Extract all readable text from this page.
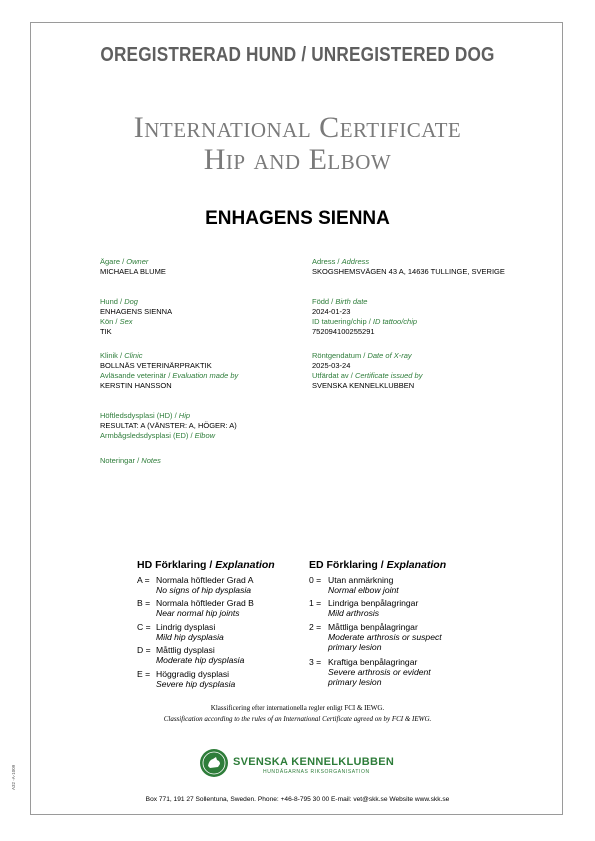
OREGISTRERAD HUND / UNREGISTERED DOG
International Certificate
Hip and Elbow
ENHAGENS SIENNA
Ägare / Owner
MICHAELA BLUME
Hund / Dog
ENHAGENS SIENNA
Kön / Sex
TIK
Klinik / Clinic
BOLLNÄS VETERINÄRPRAKTIK
Avläsande veterinär / Evaluation made by
KERSTIN HANSSON
Höftledsdysplasi (HD) / Hip
RESULTAT: A (VÄNSTER: A, HÖGER: A)
Armbågsledsdysplasi (ED) / Elbow
Noteringar / Notes
Adress / Address
SKOGSHEMSVÄGEN 43 A, 14636 TULLINGE, SVERIGE
Född / Birth date
2024-01-23
ID tatuering/chip / ID tattoo/chip
752094100255291
Röntgendatum / Date of X-ray
2025-03-24
Utfärdat av / Certificate issued by
SVENSKA KENNELKLUBBEN
HD Förklaring / Explanation
A = Normala höftleder Grad A
No signs of hip dysplasia
B = Normala höftleder Grad B
Near normal hip joints
C = Lindrig dysplasi
Mild hip dysplasia
D = Måttlig dysplasi
Moderate hip dysplasia
E = Höggradig dysplasi
Severe hip dysplasia
ED Förklaring / Explanation
0 = Utan anmärkning
Normal elbow joint
1 = Lindriga benpålagringar
Mild arthrosis
2 = Måttliga benpålagringar
Moderate arthrosis or suspect
primary lesion
3 = Kraftiga benpålagringar
Severe arthrosis or evident
primary lesion
Klassificering efter internationella regler enligt FCI & IEWG.
Classification according to the rules of an International Certificate agreed on by FCI & IEWG.
SVENSKA KENNELKLUBBEN
HUNDÄGARNAS RIKSORGANISATION
Box 771, 191 27 Sollentuna, Sweden. Phone: +46-8-795 30 00 E-mail: vet@skk.se Website www.skk.se
A32 -A-1009
